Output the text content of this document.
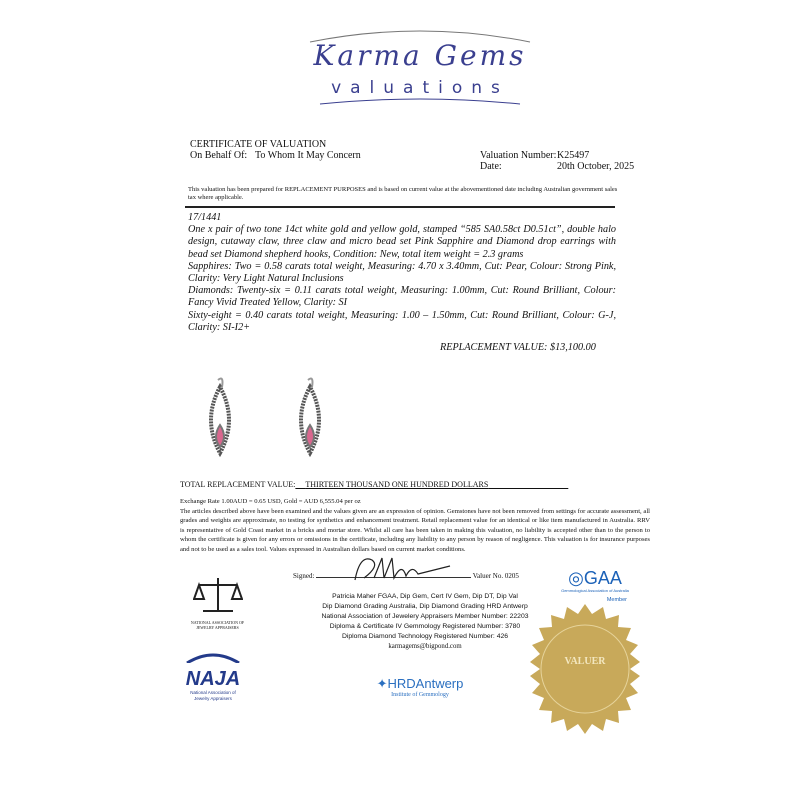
Karma Gems
valuations
CERTIFICATE OF VALUATION
On Behalf Of: To Whom It May Concern	Valuation Number: K25497
Date:	20th October, 2025
This valuation has been prepared for REPLACEMENT PURPOSES and is based on current value at the abovementioned date including Australian government sales tax where applicable.
17/1441
One x pair of two tone 14ct white gold and yellow gold, stamped “585 SA0.58ct D0.51ct”, double halo design, cutaway claw, three claw and micro bead set Pink Sapphire and Diamond drop earrings with bead set Diamond shepherd hooks, Condition: New, total item weight = 2.3 grams
Sapphires: Two = 0.58 carats total weight, Measuring: 4.70 x 3.40mm, Cut: Pear, Colour: Strong Pink, Clarity: Very Light Natural Inclusions
Diamonds: Twenty-six = 0.11 carats total weight, Measuring: 1.00mm, Cut: Round Brilliant, Colour: Fancy Vivid Treated Yellow, Clarity: SI
Sixty-eight = 0.40 carats total weight, Measuring: 1.00 – 1.50mm, Cut: Round Brilliant, Colour: G-J, Clarity: SI-I2+
REPLACEMENT VALUE: $13,100.00
TOTAL REPLACEMENT VALUE: THIRTEEN THOUSAND ONE HUNDRED DOLLARS
Exchange Rate 1.00AUD = 0.65 USD, Gold = AUD 6,555.04 per oz
The articles described above have been examined and the values given are an expression of opinion. Gemstones have not been removed from settings for accurate assessment, all grades and weights are approximate, no testing for synthetics and enhancement treatment. Retail replacement value for an identical or like item manufactured in Australia. RRV is representative of Gold Coast market in a bricks and mortar store. Whilst all care has been taken in making this valuation, no liability is accepted other than to the person to whom the certificate is given for any errors or omissions in the certificate, including any liability to any person by reason of negligence. This valuation is for insurance purposes and not to be used as a sales tool. Values expressed in Australian dollars based on current market conditions.
Signed:	Valuer No. 0205
Patricia Maher FGAA, Dip Gem, Cert IV Gem, Dip DT, Dip Val
Dip Diamond Grading Australia, Dip Diamond Grading HRD Antwerp
National Association of Jewelery Appraisers Member Number: 22203
Diploma & Certificate IV Gemmology Registered Number: 3780
Diploma Diamond Technology Registered Number: 426
karmagems@bigpond.com
NATIONAL ASSOCIATION OF JEWELRY APPRAISERS
NAJA
National Association of Jewelry Appraisers
◎GAA
Gemmological Association of Australia
Member
VALUER
✦HRDAntwerp
Institute of Gemmology
